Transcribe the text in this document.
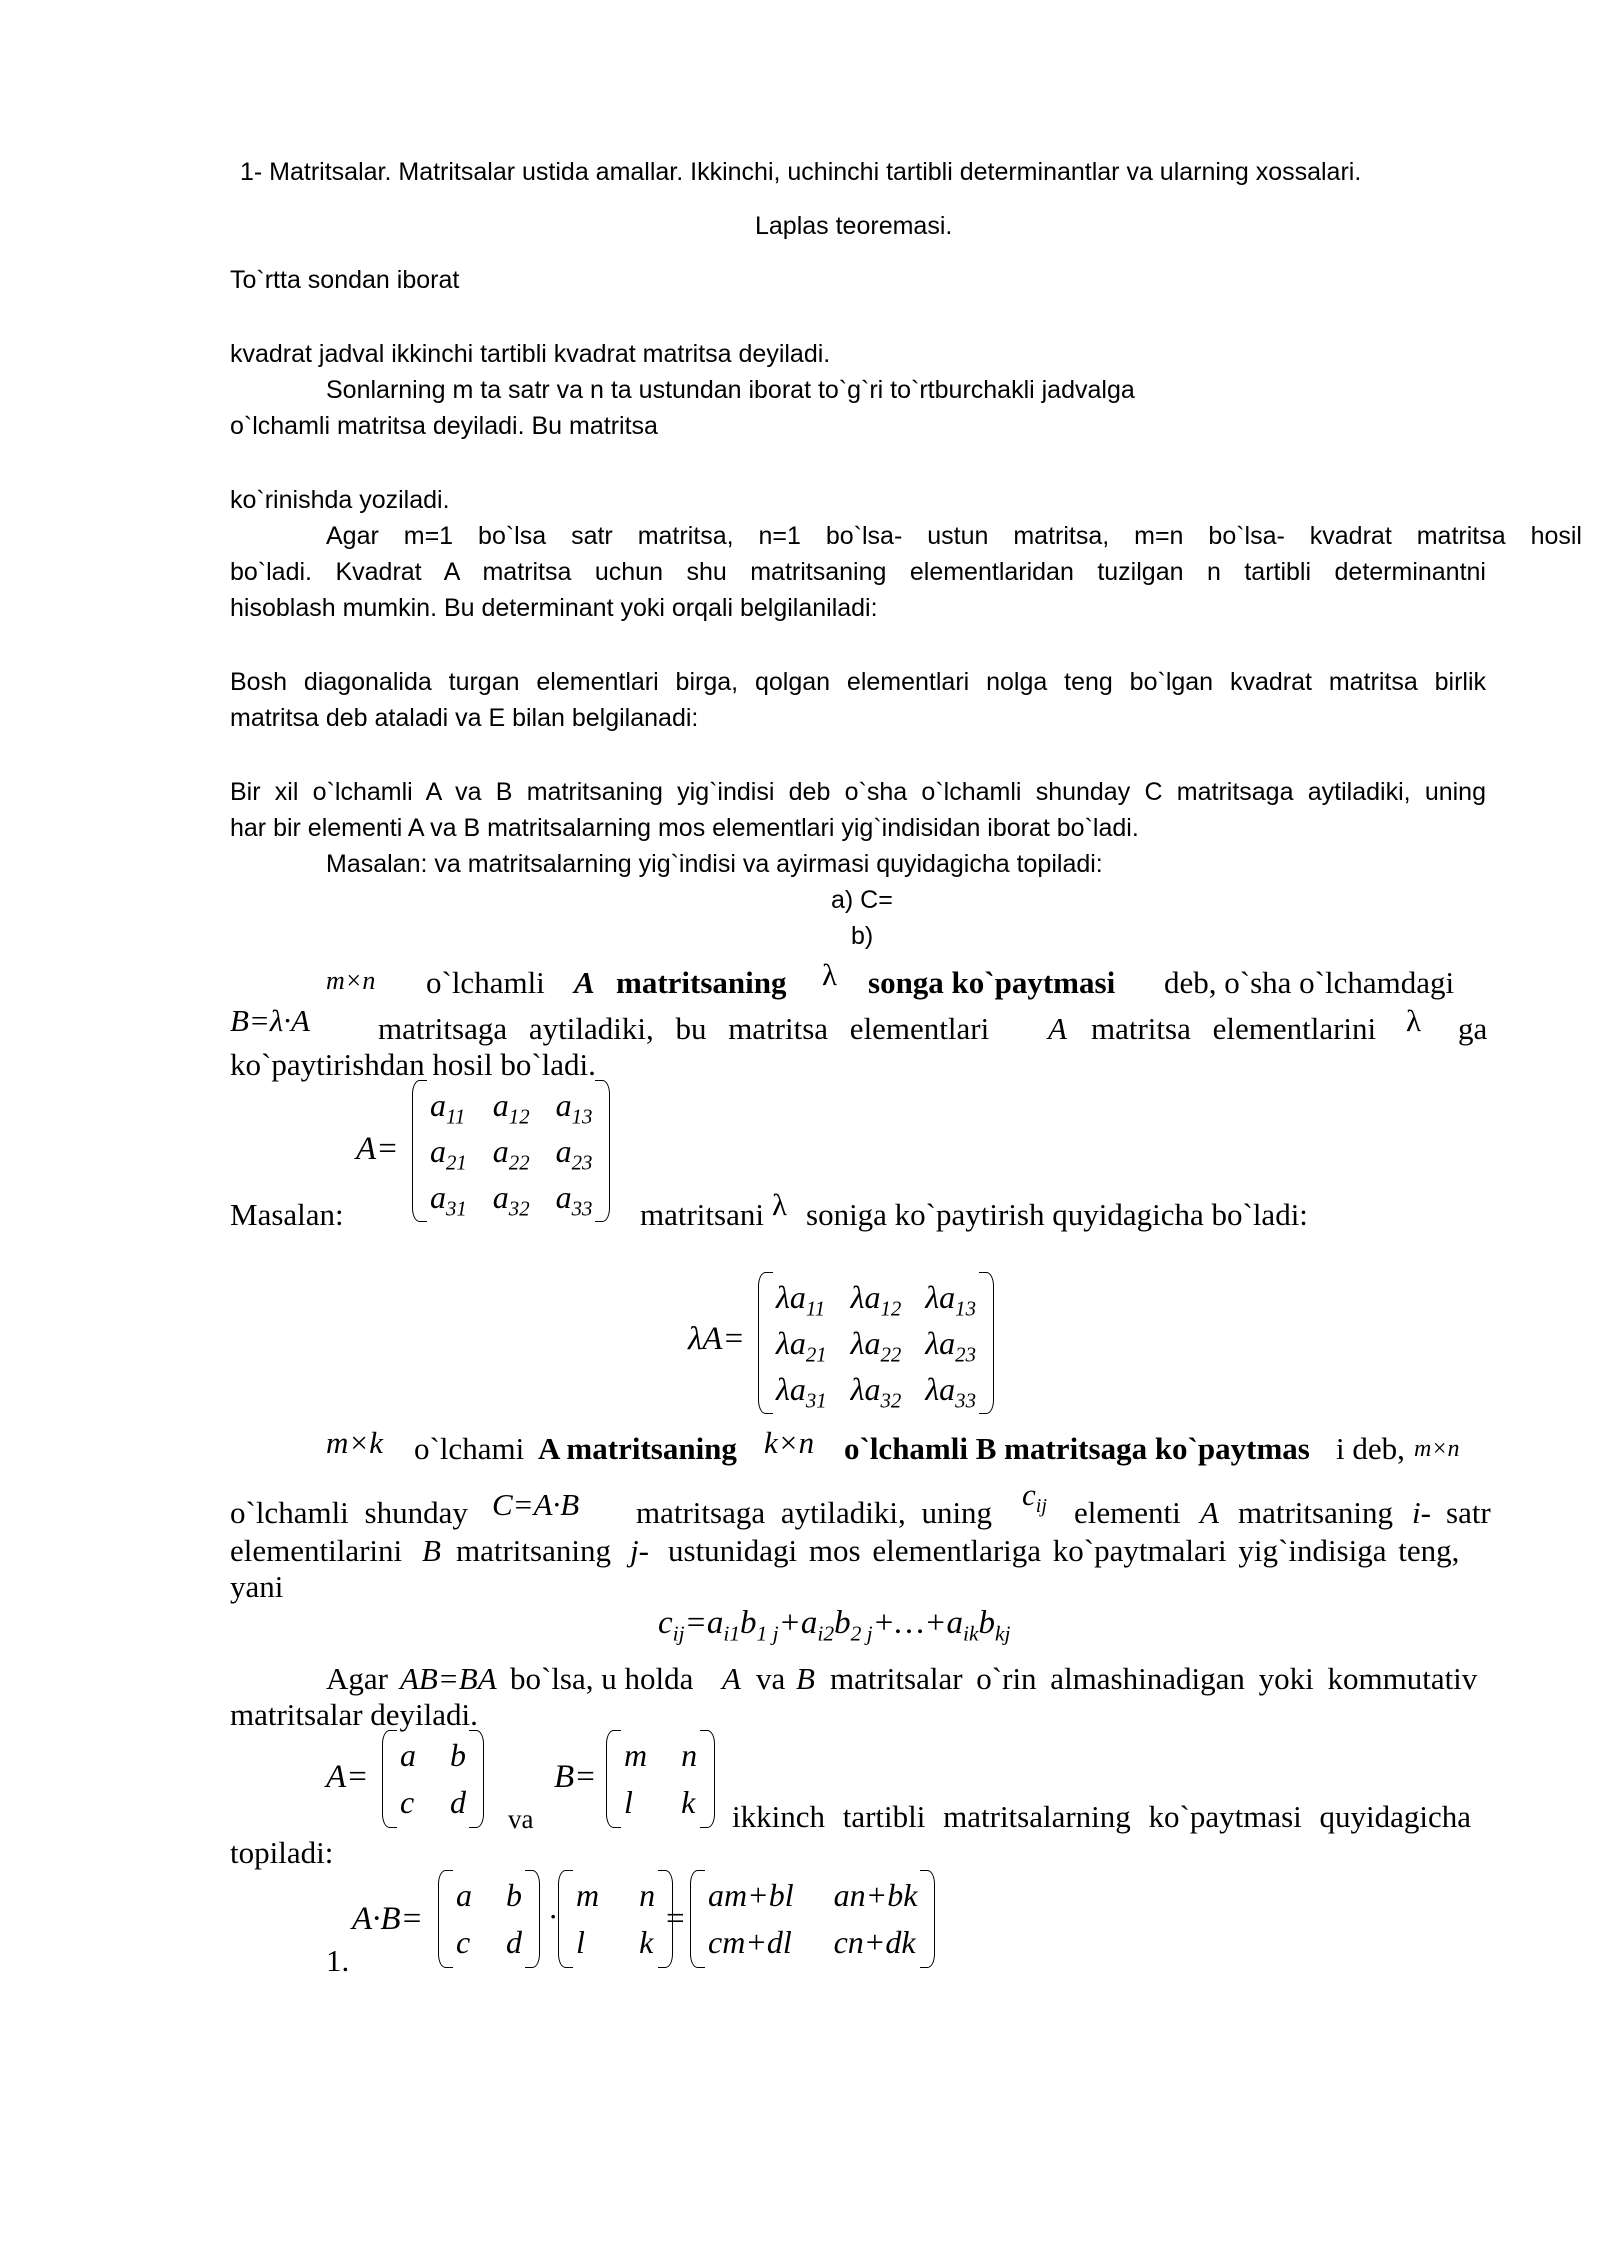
1- Matritsalar. Matritsalar ustida amallar. Ikkinchi, uchinchi tartibli determinantlar va ularning xossalari.
Laplas teoremasi.
To`rtta sondan iborat
kvadrat jadval ikkinchi tartibli kvadrat matritsa deyiladi.
Sonlarning m ta satr va n ta ustundan iborat to`g`ri to`rtburchakli jadvalga
o`lchamli matritsa deyiladi. Bu matritsa
ko`rinishda yoziladi.
Agar m=1 bo`lsa satr matritsa, n=1 bo`lsa- ustun matritsa, m=n bo`lsa- kvadrat matritsa hosil
bo`ladi. Kvadrat A matritsa uchun shu matritsaning elementlaridan tuzilgan n tartibli determinantni
hisoblash mumkin. Bu determinant yoki orqali belgilaniladi:
Bosh diagonalida turgan elementlari birga, qolgan elementlari nolga teng bo`lgan kvadrat matritsa birlik
matritsa deb ataladi va E bilan belgilanadi:
Bir xil o`lchamli A va B matritsaning yig`indisi deb o`sha o`lchamli shunday C matritsaga aytiladiki, uning
har bir elementi A va B matritsalarning mos elementlari yig`indisidan iborat bo`ladi.
Masalan: va matritsalarning yig`indisi va ayirmasi quyidagicha topiladi:
a) C=
b)
m×n o`lchamli A matritsaning λ songa ko`paytmasi deb, o`sha o`lchamdagi
B=λ·A matritsaga aytiladiki, bu matritsa elementlari A matritsa elementlarini λ ga
ko`paytirishdan hosil bo`ladi.
A=
$a_{11}$ $a_{12}$ $a_{13}$
$a_{21}$ $a_{22}$ $a_{23}$
$a_{31}$ $a_{32}$ $a_{33}$
Masalan:	matritsani λ soniga ko`paytirish quyidagicha bo`ladi:
λA=
$\lambda a_{11}$ $\lambda a_{12}$ $\lambda a_{13}$
$\lambda a_{21}$ $\lambda a_{22}$ $\lambda a_{23}$
$\lambda a_{31}$ $\lambda a_{32}$ $\lambda a_{33}$
m×k o`lchami A matritsaning k×n o`lchamli B matritsaga ko`paytmas i deb, m×n
o`lchamli shunday C=A·B matritsaga aytiladiki, uning
$c_{ij}$ elementi A matritsaning i- satr
elementilarini B matritsaning j- ustunidagi mos elementlariga ko`paytmalari yig`indisiga teng,
yani
$c_{ij}=a_{i1}b_{1 j}+a_{i2}b_{2 j}+\dots+a_{ik}b_{kj}$
Agar AB=BA bo`lsa, u holda A va B matritsalar o`rin almashinadigan yoki kommutativ
matritsalar deyiladi.
A=
a b
c d va
B=
m n
l	k ikkinch tartibli matritsalarning ko`paytmasi quyidagicha
topiladi:
1.
A·B=
a b
c d
·
m n
l	k
=
am+bl an+bk
cm+dl cn+dk
